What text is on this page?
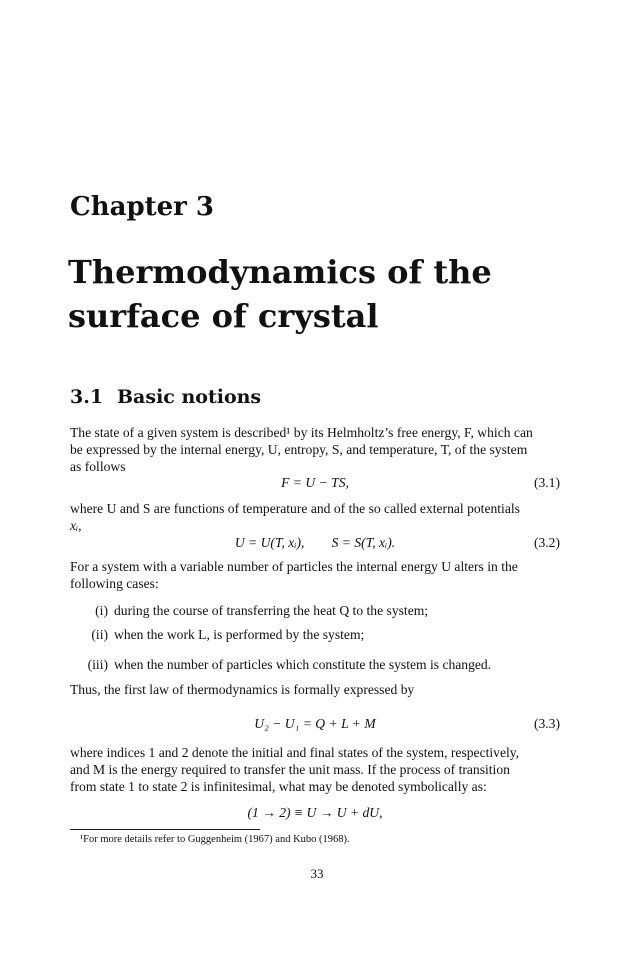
Chapter 3
Thermodynamics of the
surface of crystal
3.1 Basic notions
The state of a given system is described¹ by its Helmholtz’s free energy, F, which can
be expressed by the internal energy, U, entropy, S, and temperature, T, of the system
as follows
F = U − TS,	(3.1)
where U and S are functions of temperature and of the so called external potentials
xᵢ,
U = U(T, xᵢ),        S = S(T, xᵢ).	(3.2)
For a system with a variable number of particles the internal energy U alters in the
following cases:
(i) during the course of transferring the heat Q to the system;
(ii) when the work L, is performed by the system;
(iii) when the number of particles which constitute the system is changed.
Thus, the first law of thermodynamics is formally expressed by
U₂ − U₁ = Q + L + M	(3.3)
where indices 1 and 2 denote the initial and final states of the system, respectively,
and M is the energy required to transfer the unit mass. If the process of transition
from state 1 to state 2 is infinitesimal, what may be denoted symbolically as:
(1 → 2) ≡ U → U + dU,
¹For more details refer to Guggenheim (1967) and Kubo (1968).
33
